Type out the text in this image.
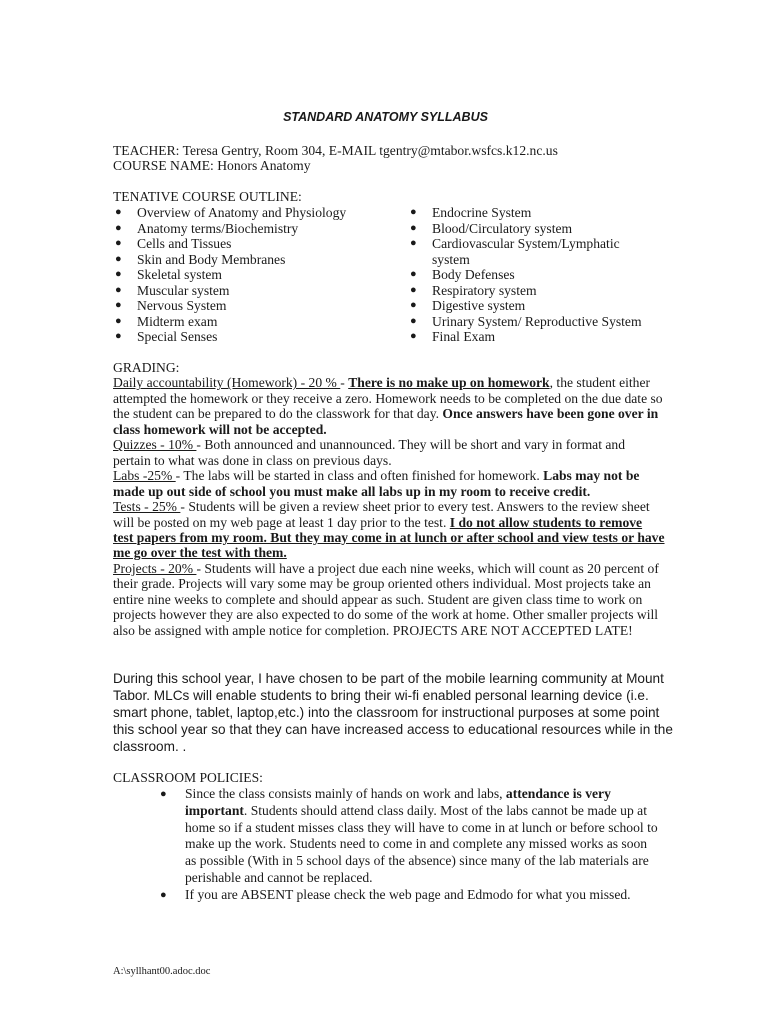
STANDARD ANATOMY SYLLABUS
TEACHER: Teresa Gentry, Room 304, E-MAIL tgentry@mtabor.wsfcs.k12.nc.us
COURSE NAME: Honors Anatomy
TENATIVE COURSE OUTLINE:
●	Overview of Anatomy and Physiology
●	Anatomy terms/Biochemistry
●	Cells and Tissues
●	Skin and Body Membranes
●	Skeletal system
●	Muscular system
●	Nervous System
●	Midterm exam
●	Special Senses
●	Endocrine System
●	Blood/Circulatory system
●	Cardiovascular System/Lymphatic system
●	Body Defenses
●	Respiratory system
●	Digestive system
●	Urinary System/ Reproductive System
●	Final Exam
GRADING:
Daily accountability (Homework) - 20 % - There is no make up on homework, the student either attempted the homework or they receive a zero. Homework needs to be completed on the due date so the student can be prepared to do the classwork for that day. Once answers have been gone over in class homework will not be accepted.
Quizzes - 10% - Both announced and unannounced. They will be short and vary in format and pertain to what was done in class on previous days.
Labs -25% - The labs will be started in class and often finished for homework. Labs may not be made up out side of school you must make all labs up in my room to receive credit.
Tests - 25% - Students will be given a review sheet prior to every test. Answers to the review sheet will be posted on my web page at least 1 day prior to the test. I do not allow students to remove test papers from my room. But they may come in at lunch or after school and view tests or have me go over the test with them.
Projects - 20% - Students will have a project due each nine weeks, which will count as 20 percent of their grade. Projects will vary some may be group oriented others individual. Most projects take an entire nine weeks to complete and should appear as such. Student are given class time to work on projects however they are also expected to do some of the work at home. Other smaller projects will also be assigned with ample notice for completion. PROJECTS ARE NOT ACCEPTED LATE!
During this school year, I have chosen to be part of the mobile learning community at Mount Tabor. MLCs will enable students to bring their wi-fi enabled personal learning device (i.e. smart phone, tablet, laptop,etc.) into the classroom for instructional purposes at some point this school year so that they can have increased access to educational resources while in the classroom. .
CLASSROOM POLICIES:
●	Since the class consists mainly of hands on work and labs, attendance is very important. Students should attend class daily. Most of the labs cannot be made up at home so if a student misses class they will have to come in at lunch or before school to make up the work. Students need to come in and complete any missed works as soon as possible (With in 5 school days of the absence) since many of the lab materials are perishable and cannot be replaced.
●	If you are ABSENT please check the web page and Edmodo for what you missed.
A:\syllhant00.adoc.doc
